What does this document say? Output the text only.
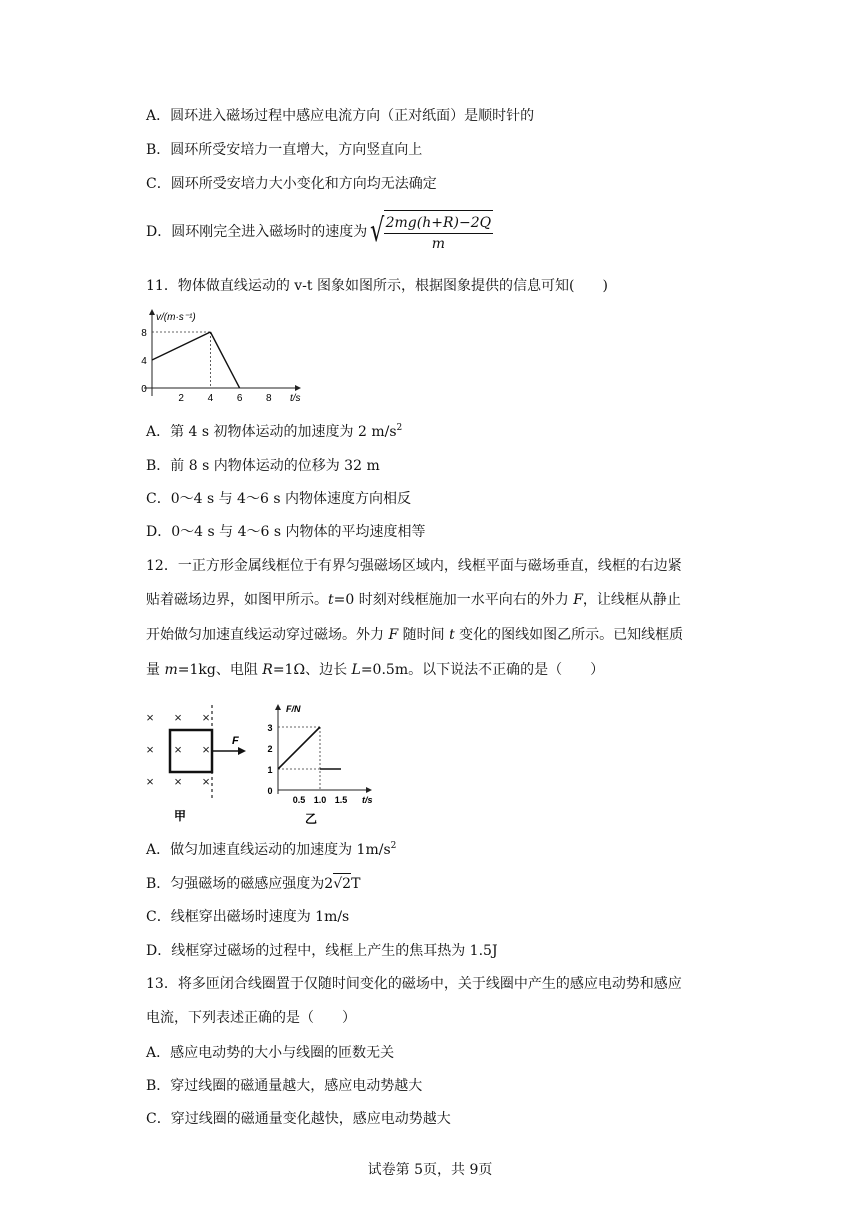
A．圆环进入磁场过程中感应电流方向（正对纸面）是顺时针的
B．圆环所受安培力一直增大，方向竖直向上
C．圆环所受安培力大小变化和方向均无法确定
D．圆环刚完全进入磁场时的速度为 √ $\frac{2mg(h+R)-2Q}{m}$
11．物体做直线运动的 v-t 图象如图所示，根据图象提供的信息可知(　　)
v/(m·s⁻¹)
t/s
8
4
0
2 4 6 8
A．第 4 s 初物体运动的加速度为 2 $m/s^2$
B．前 8 s 内物体运动的位移为 32 m
C．0～4 s 与 4～6 s 内物体速度方向相反
D．0～4 s 与 4～6 s 内物体的平均速度相等
12．一正方形金属线框位于有界匀强磁场区域内，线框平面与磁场垂直，线框的右边紧
贴着磁场边界，如图甲所示。t=0 时刻对线框施加一水平向右的外力 F，让线框从静止
开始做匀加速直线运动穿过磁场。外力 F 随时间 t 变化的图线如图乙所示。已知线框质
量 m=1kg、电阻 R=1Ω、边长 L=0.5m。以下说法不正确的是（　　）
× × ×
× × ×
× × ×
F
甲
F/N
t/s
3
2
1
0
0.5 1.0 1.5
乙
A．做匀加速直线运动的加速度为 $1m/s^2$
B．匀强磁场的磁感应强度为2√2T
C．线框穿出磁场时速度为 1m/s
D．线框穿过磁场的过程中，线框上产生的焦耳热为 1.5J
13．将多匝闭合线圈置于仅随时间变化的磁场中，关于线圈中产生的感应电动势和感应
电流，下列表述正确的是（　　）
A．感应电动势的大小与线圈的匝数无关
B．穿过线圈的磁通量越大，感应电动势越大
C．穿过线圈的磁通量变化越快，感应电动势越大
试卷第 5页，共 9页
